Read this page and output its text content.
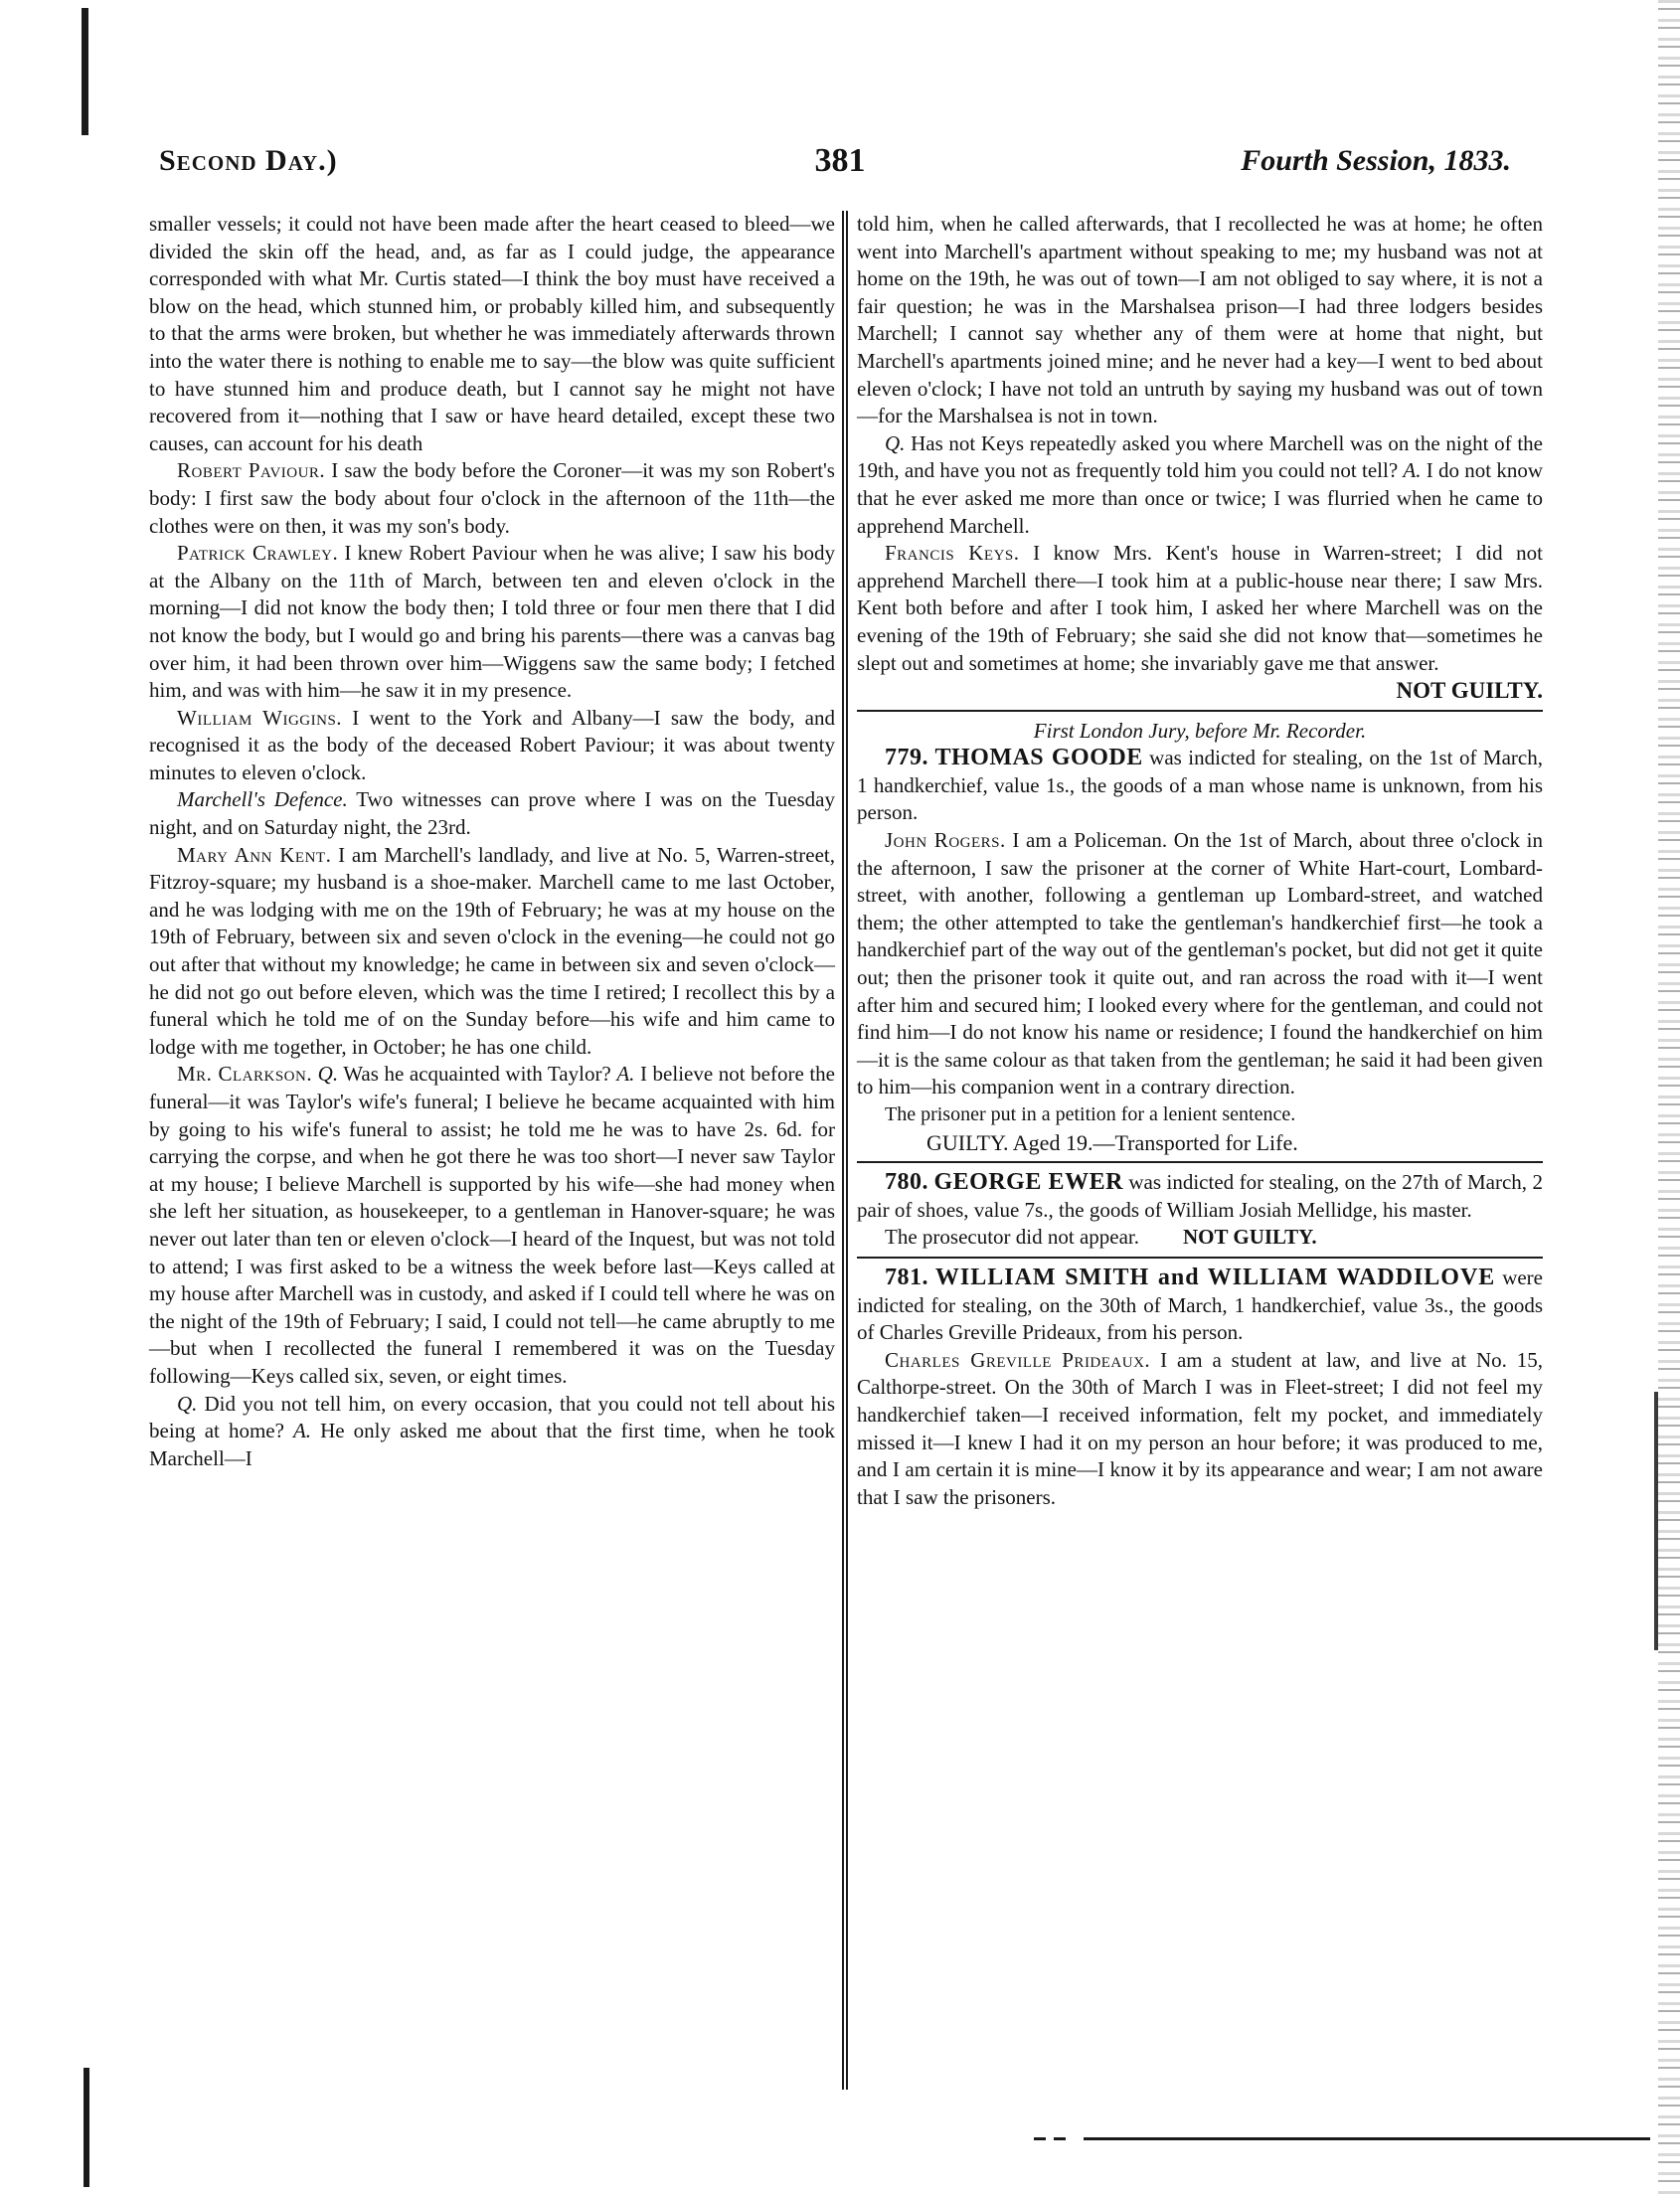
Second Day.)	381	Fourth Session, 1833.

smaller vessels; it could not have been made after the heart ceased to bleed—we divided the skin off the head, and, as far as I could judge, the appearance corresponded with what Mr. Curtis stated—I think the boy must have received a blow on the head, which stunned him, or probably killed him, and subsequently to that the arms were broken, but whether he was immediately afterwards thrown into the water there is nothing to enable me to say—the blow was quite sufficient to have stunned him and produce death, but I cannot say he might not have recovered from it—nothing that I saw or have heard detailed, except these two causes, can account for his death

Robert Paviour. I saw the body before the Coroner—it was my son Robert's body: I first saw the body about four o'clock in the afternoon of the 11th—the clothes were on then, it was my son's body.

Patrick Crawley. I knew Robert Paviour when he was alive; I saw his body at the Albany on the 11th of March, between ten and eleven o'clock in the morning—I did not know the body then; I told three or four men there that I did not know the body, but I would go and bring his parents—there was a canvas bag over him, it had been thrown over him—Wiggens saw the same body; I fetched him, and was with him—he saw it in my presence.

William Wiggins. I went to the York and Albany—I saw the body, and recognised it as the body of the deceased Robert Paviour; it was about twenty minutes to eleven o'clock.

Marchell's Defence. Two witnesses can prove where I was on the Tuesday night, and on Saturday night, the 23rd.

Mary Ann Kent. I am Marchell's landlady, and live at No. 5, Warren-street, Fitzroy-square; my husband is a shoe-maker. Marchell came to me last October, and he was lodging with me on the 19th of February; he was at my house on the 19th of February, between six and seven o'clock in the evening—he could not go out after that without my knowledge; he came in between six and seven o'clock—he did not go out before eleven, which was the time I retired; I recollect this by a funeral which he told me of on the Sunday before—his wife and him came to lodge with me together, in October; he has one child.

Mr. Clarkson. Q. Was he acquainted with Taylor? A. I believe not before the funeral—it was Taylor's wife's funeral; I believe he became acquainted with him by going to his wife's funeral to assist; he told me he was to have 2s. 6d. for carrying the corpse, and when he got there he was too short—I never saw Taylor at my house; I believe Marchell is supported by his wife—she had money when she left her situation, as housekeeper, to a gentleman in Hanover-square; he was never out later than ten or eleven o'clock—I heard of the Inquest, but was not told to attend; I was first asked to be a witness the week before last—Keys called at my house after Marchell was in custody, and asked if I could tell where he was on the night of the 19th of February; I said, I could not tell—he came abruptly to me—but when I recollected the funeral I remembered it was on the Tuesday following—Keys called six, seven, or eight times.

Q. Did you not tell him, on every occasion, that you could not tell about his being at home? A. He only asked me about that the first time, when he took Marchell—I

told him, when he called afterwards, that I recollected he was at home; he often went into Marchell's apartment without speaking to me; my husband was not at home on the 19th, he was out of town—I am not obliged to say where, it is not a fair question; he was in the Marshalsea prison—I had three lodgers besides Marchell; I cannot say whether any of them were at home that night, but Marchell's apartments joined mine; and he never had a key—I went to bed about eleven o'clock; I have not told an untruth by saying my husband was out of town—for the Marshalsea is not in town.

Q. Has not Keys repeatedly asked you where Marchell was on the night of the 19th, and have you not as frequently told him you could not tell? A. I do not know that he ever asked me more than once or twice; I was flurried when he came to apprehend Marchell.

Francis Keys. I know Mrs. Kent's house in Warren-street; I did not apprehend Marchell there—I took him at a public-house near there; I saw Mrs. Kent both before and after I took him, I asked her where Marchell was on the evening of the 19th of February; she said she did not know that—sometimes he slept out and sometimes at home; she invariably gave me that answer.

NOT GUILTY.

First London Jury, before Mr. Recorder.

779. THOMAS GOODE was indicted for stealing, on the 1st of March, 1 handkerchief, value 1s., the goods of a man whose name is unknown, from his person.

John Rogers. I am a Policeman. On the 1st of March, about three o'clock in the afternoon, I saw the prisoner at the corner of White Hart-court, Lombard-street, with another, following a gentleman up Lombard-street, and watched them; the other attempted to take the gentleman's handkerchief first—he took a handkerchief part of the way out of the gentleman's pocket, but did not get it quite out; then the prisoner took it quite out, and ran across the road with it—I went after him and secured him; I looked every where for the gentleman, and could not find him—I do not know his name or residence; I found the handkerchief on him—it is the same colour as that taken from the gentleman; he said it had been given to him—his companion went in a contrary direction.

The prisoner put in a petition for a lenient sentence.

GUILTY. Aged 19.—Transported for Life.

780. GEORGE EWER was indicted for stealing, on the 27th of March, 2 pair of shoes, value 7s., the goods of William Josiah Mellidge, his master.

The prosecutor did not appear. NOT GUILTY.

781. WILLIAM SMITH and WILLIAM WADDILOVE were indicted for stealing, on the 30th of March, 1 handkerchief, value 3s., the goods of Charles Greville Prideaux, from his person.

Charles Greville Prideaux. I am a student at law, and live at No. 15, Calthorpe-street. On the 30th of March I was in Fleet-street; I did not feel my handkerchief taken—I received information, felt my pocket, and immediately missed it—I knew I had it on my person an hour before; it was produced to me, and I am certain it is mine—I know it by its appearance and wear; I am not aware that I saw the prisoners.
